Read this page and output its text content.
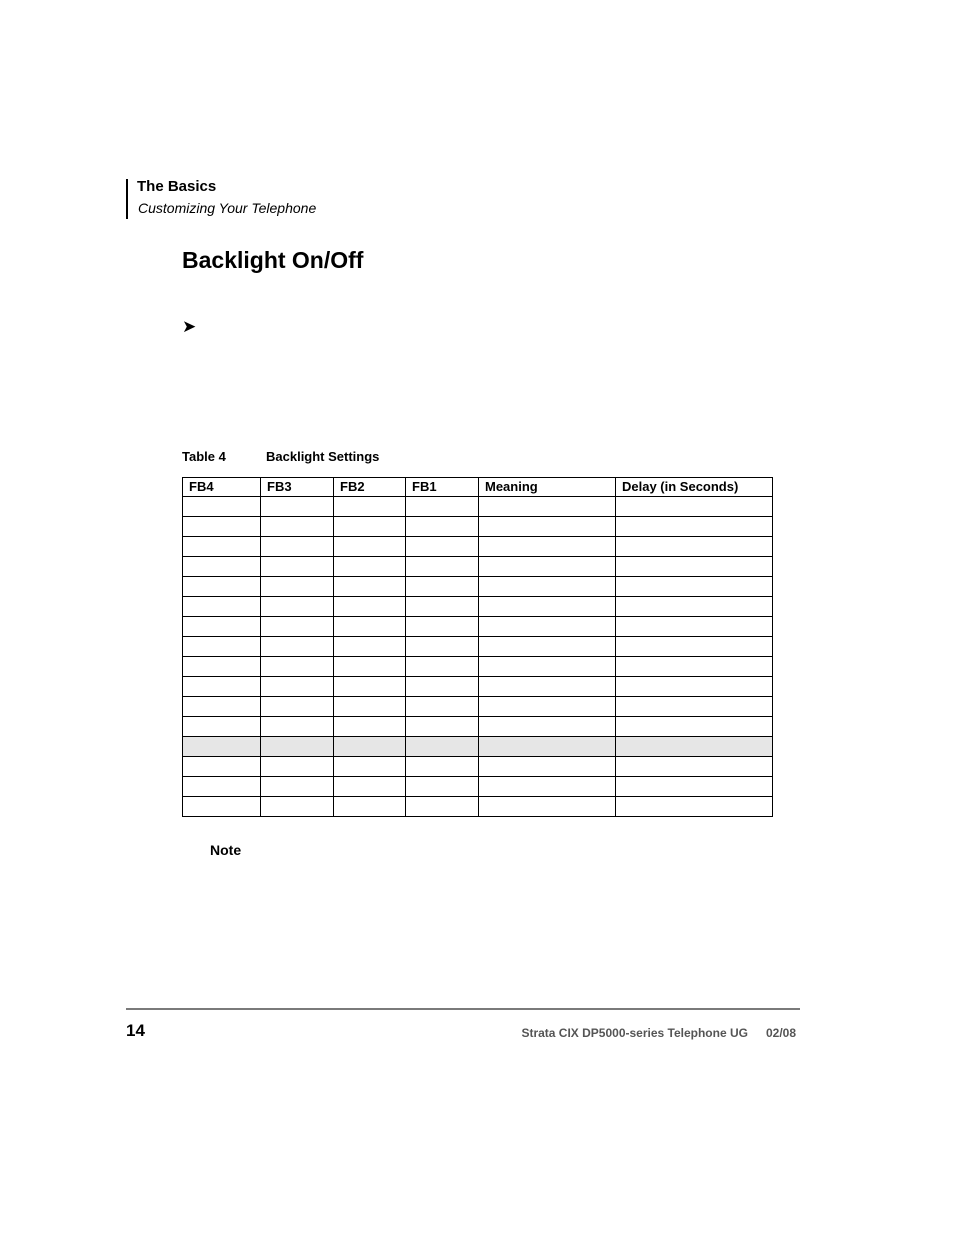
The Basics

Customizing Your Telephone

Backlight On/Off
➤
Table 4	Backlight Settings
FB4	FB3	FB2	FB1	Meaning	Delay (in Seconds)

Note

14	Strata CIX DP5000-series Telephone UG 02/08
